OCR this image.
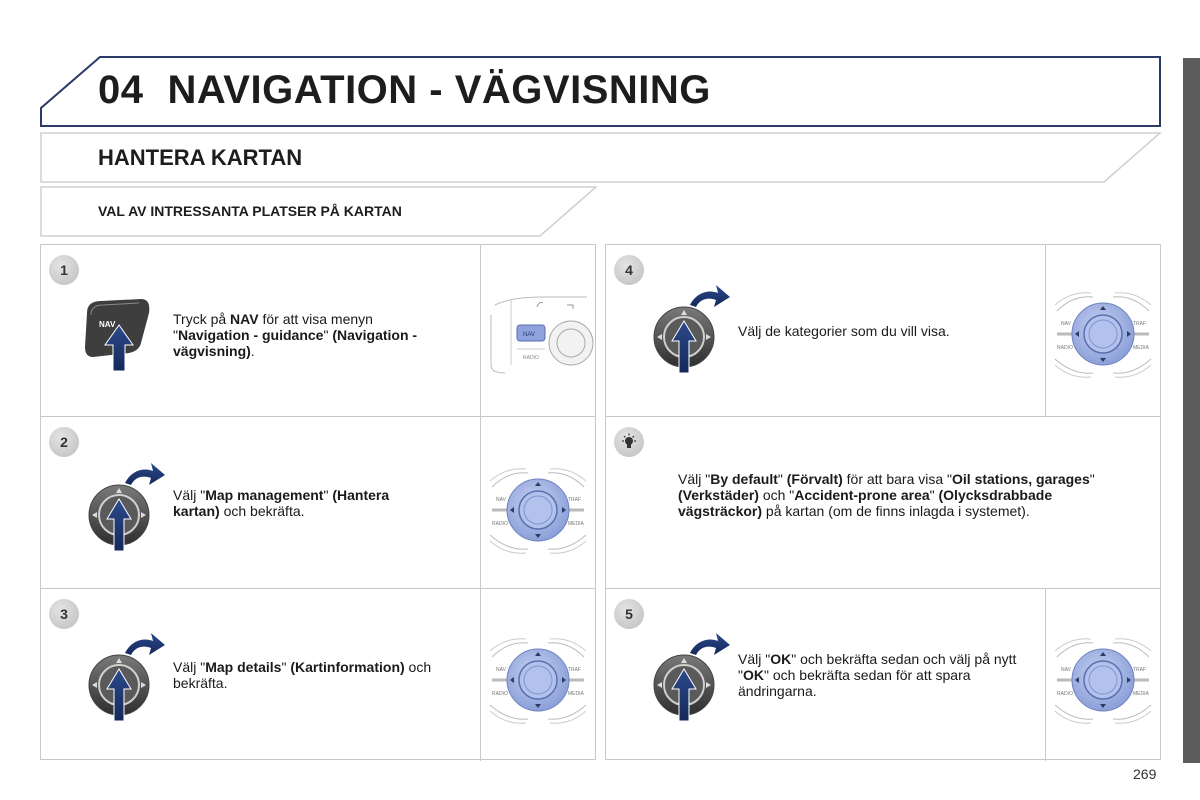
04 NAVIGATION - VÄGVISNING
HANTERA KARTAN
VAL AV INTRESSANTA PLATSER PÅ KARTAN
1
NAV	Tryck på NAV för att visa menyn "Navigation - guidance" (Navigation - vägvisning).
NAV
RADIO
2
Välj "Map management" (Hantera kartan) och bekräfta.
NAV	TRAF
RADIO	MEDIA
3
Välj "Map details" (Kartinformation) och bekräfta.
NAV	TRAF
RADIO	MEDIA
4
Välj de kategorier som du vill visa.	NAV	TRAF
RADIO	MEDIA
Välj "By default" (Förvalt) för att bara visa "Oil stations, garages" (Verkstäder) och "Accident-prone area" (Olycksdrabbade vägsträckor) på kartan (om de finns inlagda i systemet).
5
Välj "OK" och bekräfta sedan och välj på nytt "OK" och bekräfta sedan för att spara ändringarna.
NAV	TRAF
RADIO	MEDIA
269
